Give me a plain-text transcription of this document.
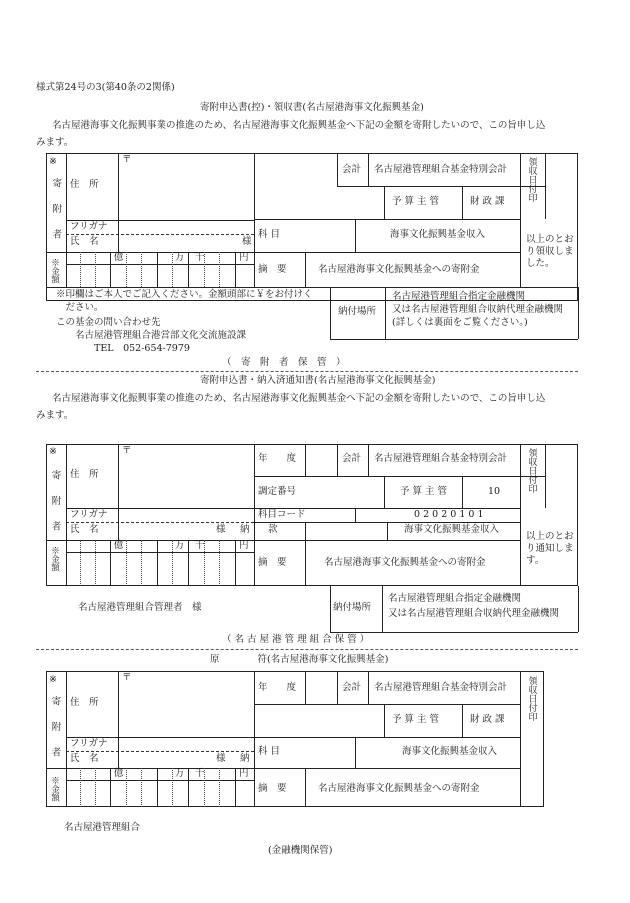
様式第24号の3(第40条の2関係)
寄附申込書(控)・領収書(名古屋港海事文化振興基金)
名古屋港海事文化振興事業の推進のため、名古屋港海事文化振興基金へ下記の金額を寄附したいので、この旨申し込
みます。
※
寄附者 住　所
〒
フリガナ
氏　名	様
※金額
億	万 千	円
会計 名古屋港管理組合基金特別会計
予 算 主 管	財 政 課 領収日付印
科 目	海事文化振興基金収入
摘　要	名古屋港海事文化振興基金への寄附金
以上のとおり領収しました。
※印欄はご本人でご記入ください。金額頭部に￥をお付けく
　ださい。
この基金の問い合わせ先
　　名古屋港管理組合港営部文化交流施設課
　　　　TEL　052-654-7979
納付場所
名古屋港管理組合指定金融機関
又は名古屋港管理組合収納代理金融機関
(詳しくは裏面をご覧ください。)
（　寄　附　者　保　管　）
寄附申込書・納入済通知書(名古屋港海事文化振興基金)
名古屋港海事文化振興事業の推進のため、名古屋港海事文化振興基金へ下記の金額を寄附したいので、この旨申し込
みます。
※
寄附者 住　所
〒
フリガナ
氏　名	様 納
※金額
億	万 千	円
年　　度	会計 名古屋港管理組合基金特別会計
調定番号	予 算 主 管	10	領収日付印
科目コード	0 2 0 2 0 1 0 1
款	海事文化振興基金収入
摘　要	名古屋港海事文化振興基金への寄附金
以上のとおり通知します。
名古屋港管理組合管理者　様	納付場所
名古屋港管理組合指定金融機関
又は名古屋港管理組合収納代理金融機関
（ 名 古 屋 港 管 理 組 合 保 管 ）
原　　　　符(名古屋港海事文化振興基金)
※
寄附者 住　所
〒
フリガナ
氏　名	様 納
※金額
億	万 千	円
年　　度	会計 名古屋港管理組合基金特別会計
予 算 主 管	財 政 課 領収日付印
科 目	海事文化振興基金収入
摘　要	名古屋港海事文化振興基金への寄附金
名古屋港管理組合
(金融機関保管)
